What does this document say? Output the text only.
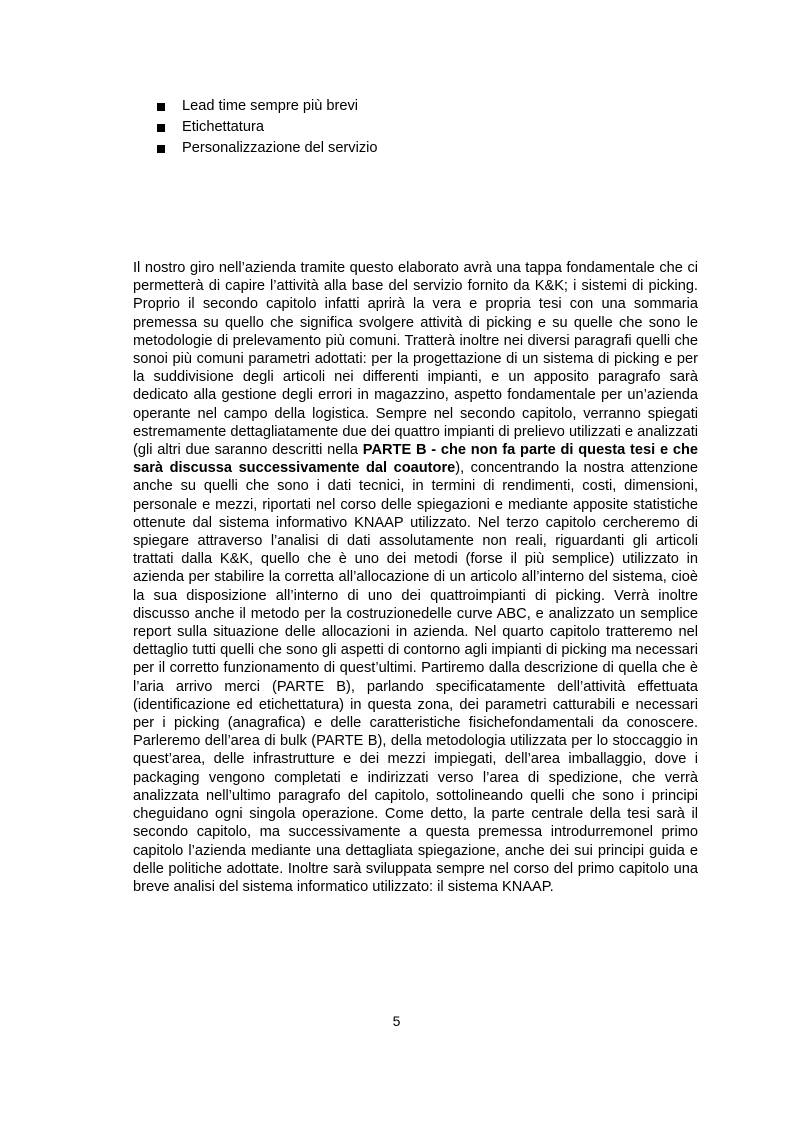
Lead time sempre più brevi
Etichettatura
Personalizzazione del servizio

Il nostro giro nell’azienda tramite questo elaborato avrà una tappa fondamentale che ci permetterà di capire l’attività alla base del servizio fornito da K&K; i sistemi di picking. Proprio il secondo capitolo infatti aprirà la vera e propria tesi con una sommaria premessa su quello che significa svolgere attività di picking e su quelle che sono le metodologie di prelevamento più comuni. Tratterà inoltre nei diversi paragrafi quelli che sonoi più comuni parametri adottati: per la progettazione di un sistema di picking e per la suddivisione degli articoli nei differenti impianti, e un apposito paragrafo sarà dedicato alla gestione degli errori in magazzino, aspetto fondamentale per un’azienda operante nel campo della logistica. Sempre nel secondo capitolo, verranno spiegati estremamente dettagliatamente due dei quattro impianti di prelievo utilizzati e analizzati (gli altri due saranno descritti nella PARTE B - che non fa parte di questa tesi e che sarà discussa successivamente dal coautore), concentrando la nostra attenzione anche su quelli che sono i dati tecnici, in termini di rendimenti, costi, dimensioni, personale e mezzi, riportati nel corso delle spiegazioni e mediante apposite statistiche ottenute dal sistema informativo KNAAP utilizzato. Nel terzo capitolo cercheremo di spiegare attraverso l’analisi di dati assolutamente non reali, riguardanti gli articoli trattati dalla K&K, quello che è uno dei metodi (forse il più semplice) utilizzato in azienda per stabilire la corretta all’allocazione di un articolo all’interno del sistema, cioè la sua disposizione all’interno di uno dei quattroimpianti di picking. Verrà inoltre discusso anche il metodo per la costruzionedelle curve ABC, e analizzato un semplice report sulla situazione delle allocazioni in azienda. Nel quarto capitolo tratteremo nel dettaglio tutti quelli che sono gli aspetti di contorno agli impianti di picking ma necessari per il corretto funzionamento di quest’ultimi. Partiremo dalla descrizione di quella che è l’aria arrivo merci (PARTE B), parlando specificatamente dell’attività effettuata (identificazione ed etichettatura) in questa zona, dei parametri catturabili e necessari per i picking (anagrafica) e delle caratteristiche fisichefondamentali da conoscere. Parleremo dell’area di bulk (PARTE B), della metodologia utilizzata per lo stoccaggio in quest’area, delle infrastrutture e dei mezzi impiegati, dell’area imballaggio, dove i packaging vengono completati e indirizzati verso l’area di spedizione, che verrà analizzata nell’ultimo paragrafo del capitolo, sottolineando quelli che sono i principi cheguidano ogni singola operazione. Come detto, la parte centrale della tesi sarà il secondo capitolo, ma successivamente a questa premessa introdurremonel primo capitolo l’azienda mediante una dettagliata spiegazione, anche dei sui principi guida e delle politiche adottate. Inoltre sarà sviluppata sempre nel corso del primo capitolo una breve analisi del sistema informatico utilizzato: il sistema KNAAP.

5
